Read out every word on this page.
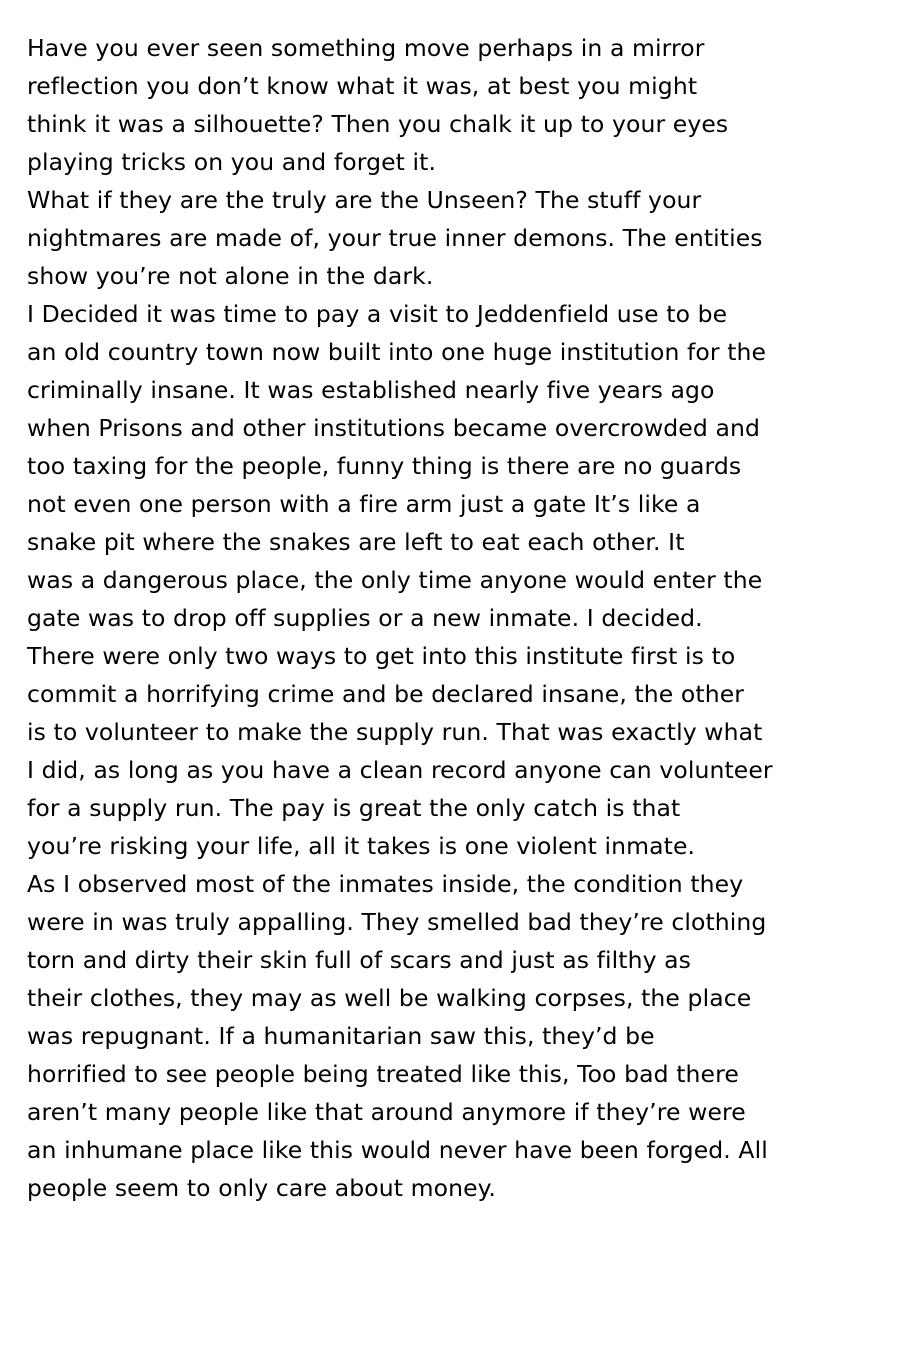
Have you ever seen something move perhaps in a mirror
reflection you don’t know what it was, at best you might
think it was a silhouette? Then you chalk it up to your eyes
playing tricks on you and forget it.
What if they are the truly are the Unseen? The stuff your
nightmares are made of, your true inner demons. The entities
show you’re not alone in the dark.
I Decided it was time to pay a visit to Jeddenfield use to be
an old country town now built into one huge institution for the
criminally insane. It was established nearly five years ago
when Prisons and other institutions became overcrowded and
too taxing for the people, funny thing is there are no guards
not even one person with a fire arm just a gate It’s like a
snake pit where the snakes are left to eat each other. It
was a dangerous place, the only time anyone would enter the
gate was to drop off supplies or a new inmate. I decided.
There were only two ways to get into this institute first is to
commit a horrifying crime and be declared insane, the other
is to volunteer to make the supply run. That was exactly what
I did, as long as you have a clean record anyone can volunteer
for a supply run. The pay is great the only catch is that
you’re risking your life, all it takes is one violent inmate.
As I observed most of the inmates inside, the condition they
were in was truly appalling. They smelled bad they’re clothing
torn and dirty their skin full of scars and just as filthy as
their clothes, they may as well be walking corpses, the place
was repugnant. If a humanitarian saw this, they’d be
horrified to see people being treated like this, Too bad there
aren’t many people like that around anymore if they’re were
an inhumane place like this would never have been forged. All
people seem to only care about money.
